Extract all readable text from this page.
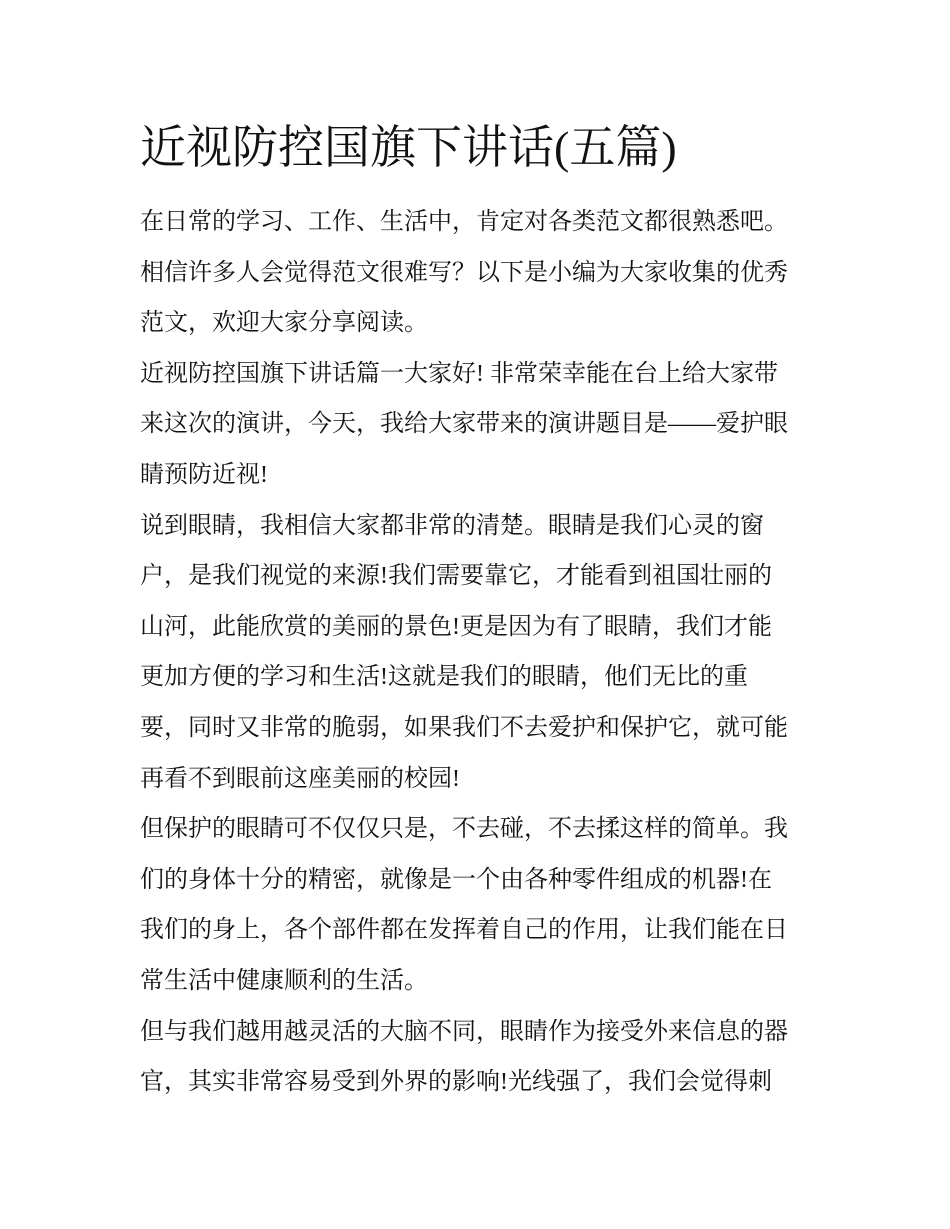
近视防控国旗下讲话(五篇)
在日常的学习、工作、生活中，肯定对各类范文都很熟悉吧。
相信许多人会觉得范文很难写？以下是小编为大家收集的优秀
范文，欢迎大家分享阅读。
近视防控国旗下讲话篇一大家好! 非常荣幸能在台上给大家带
来这次的演讲，今天，我给大家带来的演讲题目是——爱护眼
睛预防近视!
说到眼睛，我相信大家都非常的清楚。眼睛是我们心灵的窗
户，是我们视觉的来源!我们需要靠它，才能看到祖国壮丽的
山河，此能欣赏的美丽的景色!更是因为有了眼睛，我们才能
更加方便的学习和生活!这就是我们的眼睛，他们无比的重
要，同时又非常的脆弱，如果我们不去爱护和保护它，就可能
再看不到眼前这座美丽的校园!
但保护的眼睛可不仅仅只是，不去碰，不去揉这样的简单。我
们的身体十分的精密，就像是一个由各种零件组成的机器!在
我们的身上，各个部件都在发挥着自己的作用，让我们能在日
常生活中健康顺利的生活。
但与我们越用越灵活的大脑不同，眼睛作为接受外来信息的器
官，其实非常容易受到外界的影响!光线强了，我们会觉得刺
